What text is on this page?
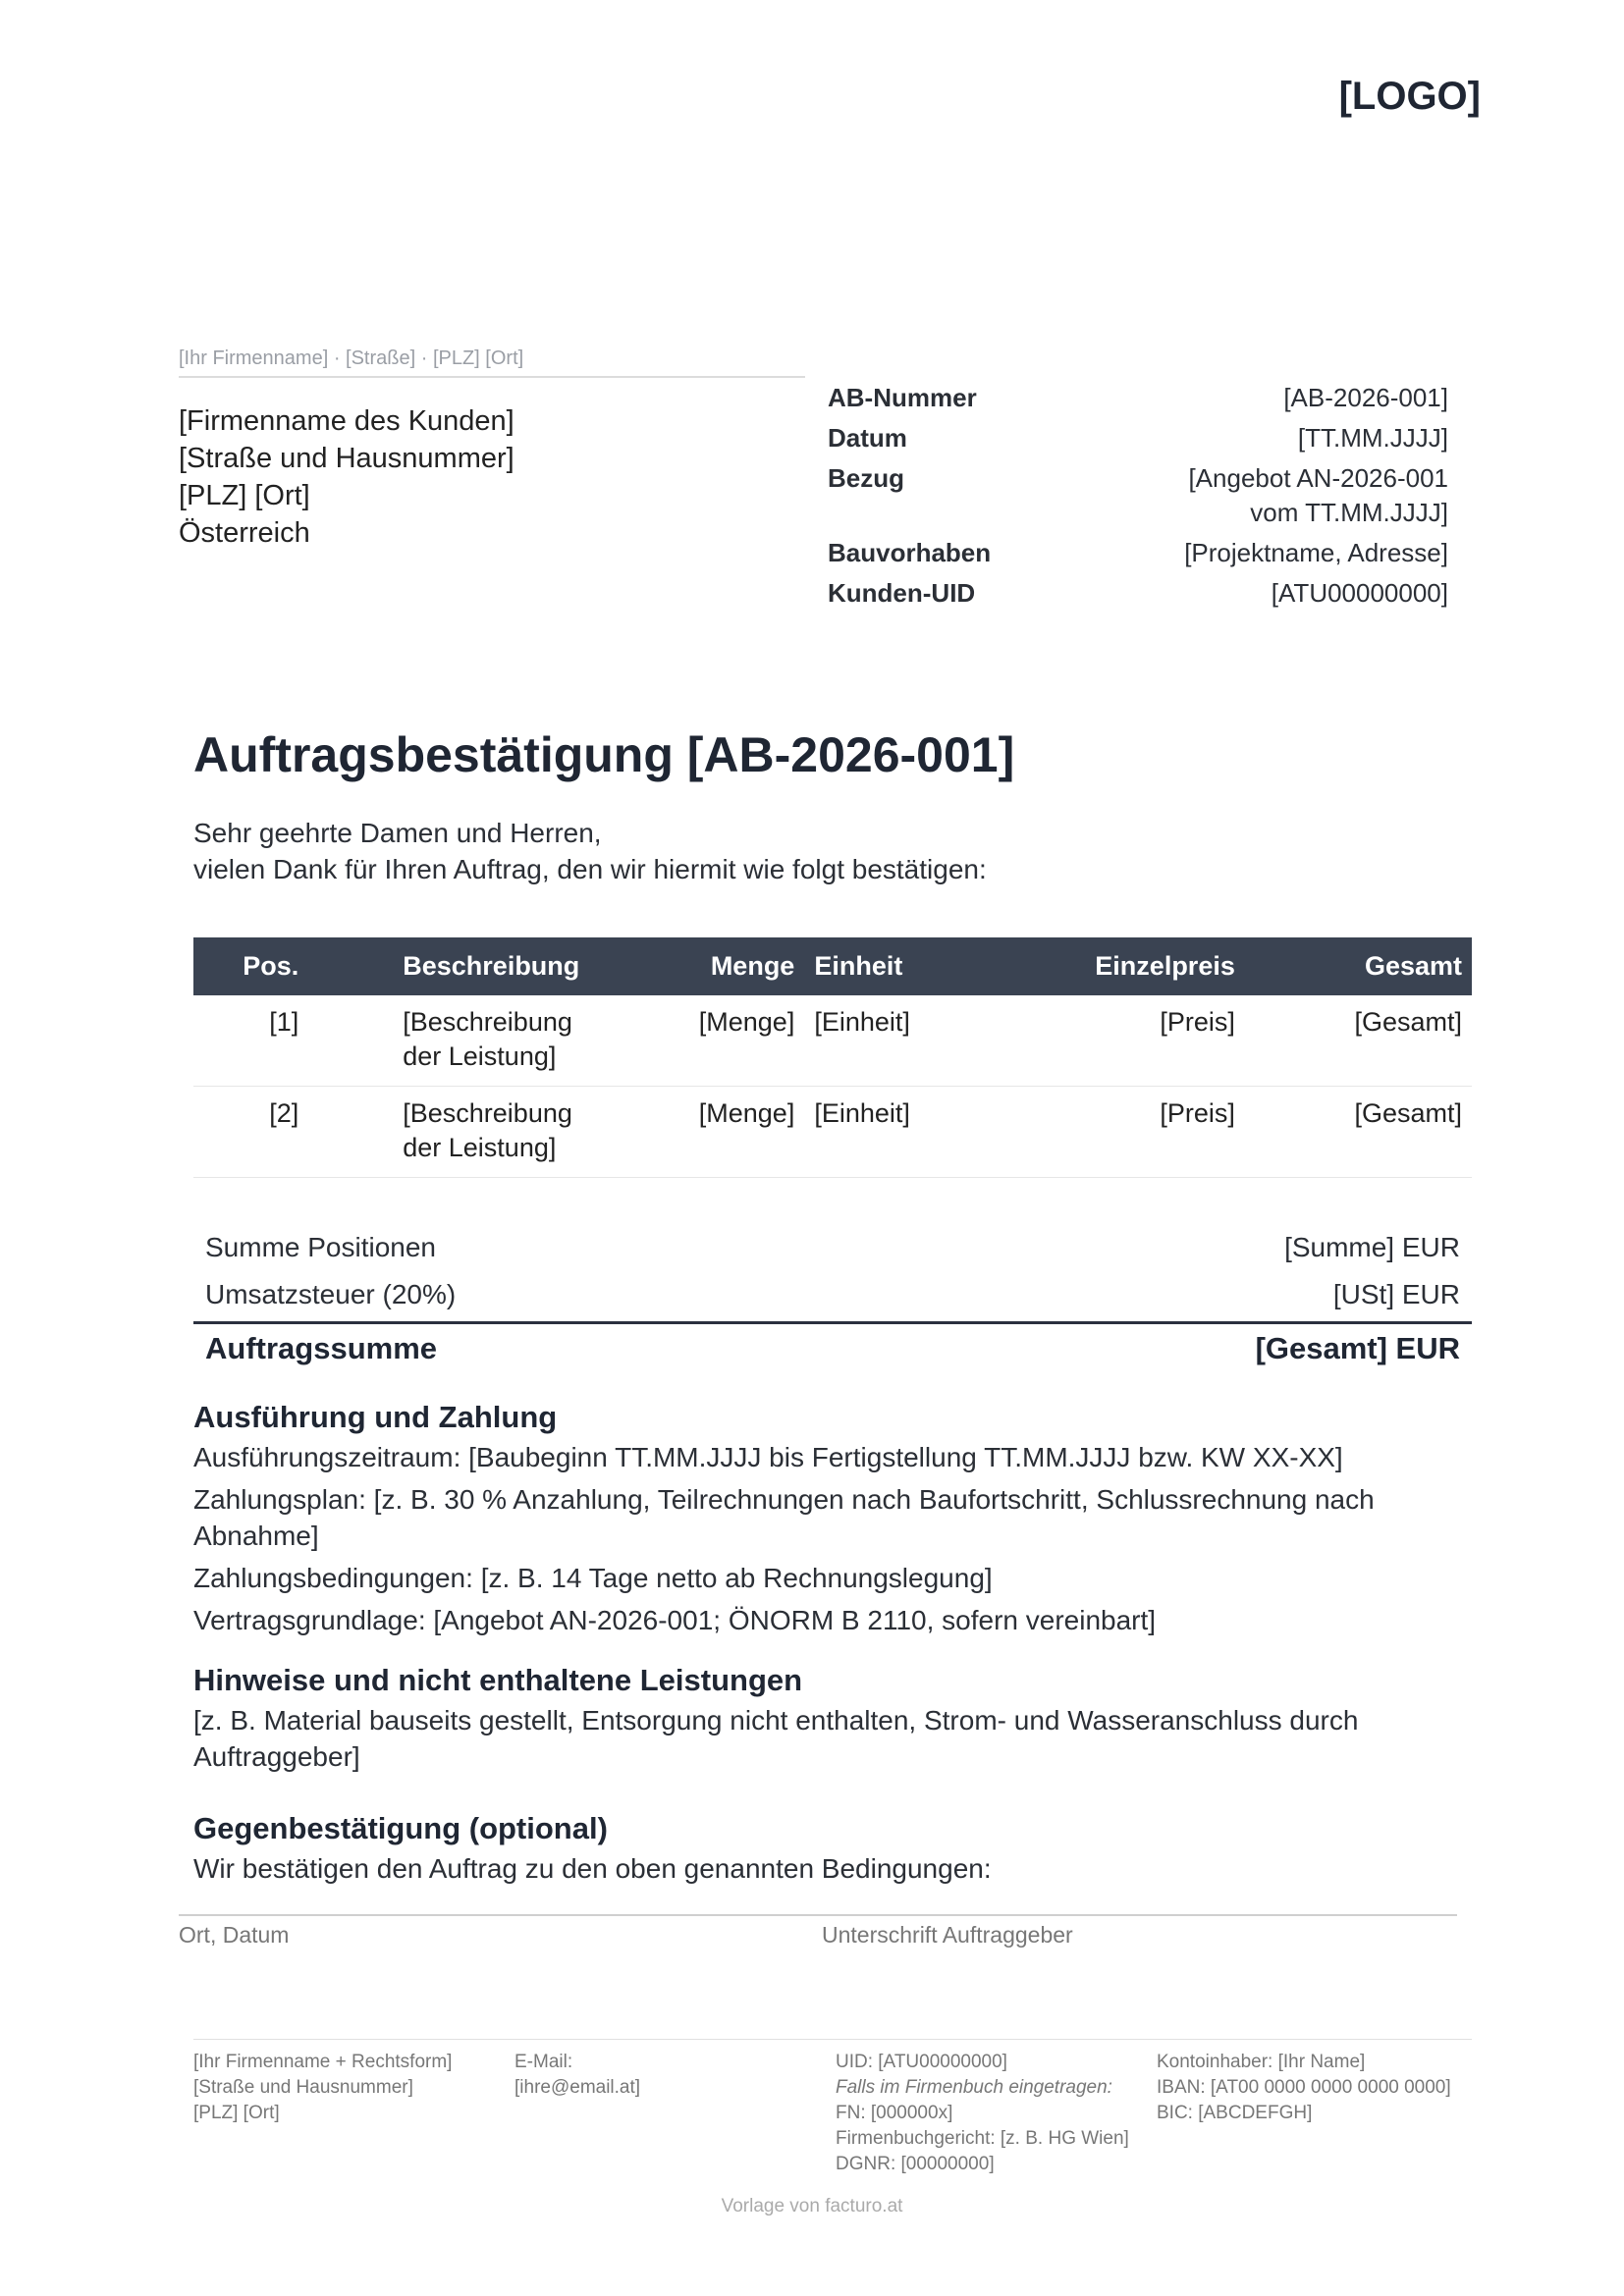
[LOGO]
[Ihr Firmenname] · [Straße] · [PLZ] [Ort]
[Firmenname des Kunden]
[Straße und Hausnummer]
[PLZ] [Ort]
Österreich
AB-Nummer	[AB-2026-001]
Datum	[TT.MM.JJJJ]
Bezug	[Angebot AN-2026-001
vom TT.MM.JJJJ]
Bauvorhaben	[Projektname, Adresse]
Kunden-UID	[ATU00000000]
Auftragsbestätigung [AB-2026-001]
Sehr geehrte Damen und Herren,
vielen Dank für Ihren Auftrag, den wir hiermit wie folgt bestätigen:
Pos.	Beschreibung	Menge	Einheit	Einzelpreis	Gesamt
[1]	[Beschreibung
der Leistung]	[Menge]	[Einheit]	[Preis]	[Gesamt]
[2]	[Beschreibung
der Leistung]	[Menge]	[Einheit]	[Preis]	[Gesamt]
Summe Positionen	[Summe] EUR
Umsatzsteuer (20%)	[USt] EUR
Auftragssumme	[Gesamt] EUR
Ausführung und Zahlung

Ausführungszeitraum: [Baubeginn TT.MM.JJJJ bis Fertigstellung TT.MM.JJJJ bzw. KW XX-XX]

Zahlungsplan: [z. B. 30 % Anzahlung, Teilrechnungen nach Baufortschritt, Schlussrechnung nach Abnahme]

Zahlungsbedingungen: [z. B. 14 Tage netto ab Rechnungslegung]

Vertragsgrundlage: [Angebot AN-2026-001; ÖNORM B 2110, sofern vereinbart]

Hinweise und nicht enthaltene Leistungen

[z. B. Material bauseits gestellt, Entsorgung nicht enthalten, Strom- und Wasseranschluss durch Auftraggeber]

Gegenbestätigung (optional)

Wir bestätigen den Auftrag zu den oben genannten Bedingungen:

Ort, Datum	Unterschrift Auftraggeber
[Ihr Firmenname + Rechtsform]
[Straße und Hausnummer]
[PLZ] [Ort]
E-Mail:
[ihre@email.at]
UID: [ATU00000000]
Falls im Firmenbuch eingetragen:
FN: [000000x]
Firmenbuchgericht: [z. B. HG Wien]
DGNR: [00000000]
Kontoinhaber: [Ihr Name]
IBAN: [AT00 0000 0000 0000 0000]
BIC: [ABCDEFGH]
Vorlage von facturo.at
